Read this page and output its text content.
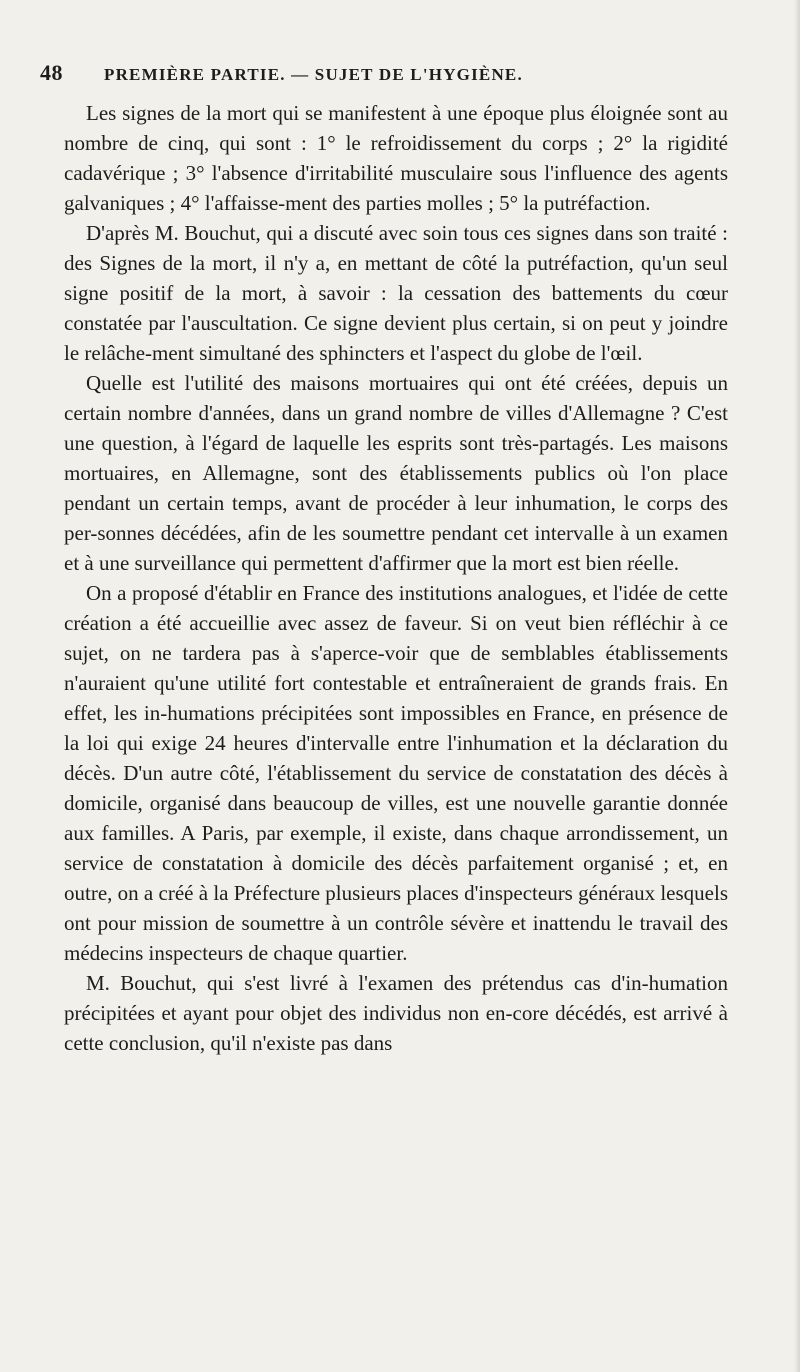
48	PREMIÈRE PARTIE. — SUJET DE L'HYGIÈNE.

Les signes de la mort qui se manifestent à une époque plus éloignée sont au nombre de cinq, qui sont : 1° le refroidissement du corps ; 2° la rigidité cadavérique ; 3° l'absence d'irritabilité musculaire sous l'influence des agents galvaniques ; 4° l'affaisse-ment des parties molles ; 5° la putréfaction.

D'après M. Bouchut, qui a discuté avec soin tous ces signes dans son traité : des Signes de la mort, il n'y a, en mettant de côté la putréfaction, qu'un seul signe positif de la mort, à savoir : la cessation des battements du cœur constatée par l'auscultation. Ce signe devient plus certain, si on peut y joindre le relâche-ment simultané des sphincters et l'aspect du globe de l'œil.

Quelle est l'utilité des maisons mortuaires qui ont été créées, depuis un certain nombre d'années, dans un grand nombre de villes d'Allemagne ? C'est une question, à l'égard de laquelle les esprits sont très-partagés. Les maisons mortuaires, en Allemagne, sont des établissements publics où l'on place pendant un certain temps, avant de procéder à leur inhumation, le corps des per-sonnes décédées, afin de les soumettre pendant cet intervalle à un examen et à une surveillance qui permettent d'affirmer que la mort est bien réelle.

On a proposé d'établir en France des institutions analogues, et l'idée de cette création a été accueillie avec assez de faveur. Si on veut bien réfléchir à ce sujet, on ne tardera pas à s'aperce-voir que de semblables établissements n'auraient qu'une utilité fort contestable et entraîneraient de grands frais. En effet, les in-humations précipitées sont impossibles en France, en présence de la loi qui exige 24 heures d'intervalle entre l'inhumation et la déclaration du décès. D'un autre côté, l'établissement du service de constatation des décès à domicile, organisé dans beaucoup de villes, est une nouvelle garantie donnée aux familles. A Paris, par exemple, il existe, dans chaque arrondissement, un service de constatation à domicile des décès parfaitement organisé ; et, en outre, on a créé à la Préfecture plusieurs places d'inspecteurs généraux lesquels ont pour mission de soumettre à un contrôle sévère et inattendu le travail des médecins inspecteurs de chaque quartier.

M. Bouchut, qui s'est livré à l'examen des prétendus cas d'in-humation précipitées et ayant pour objet des individus non en-core décédés, est arrivé à cette conclusion, qu'il n'existe pas dans
